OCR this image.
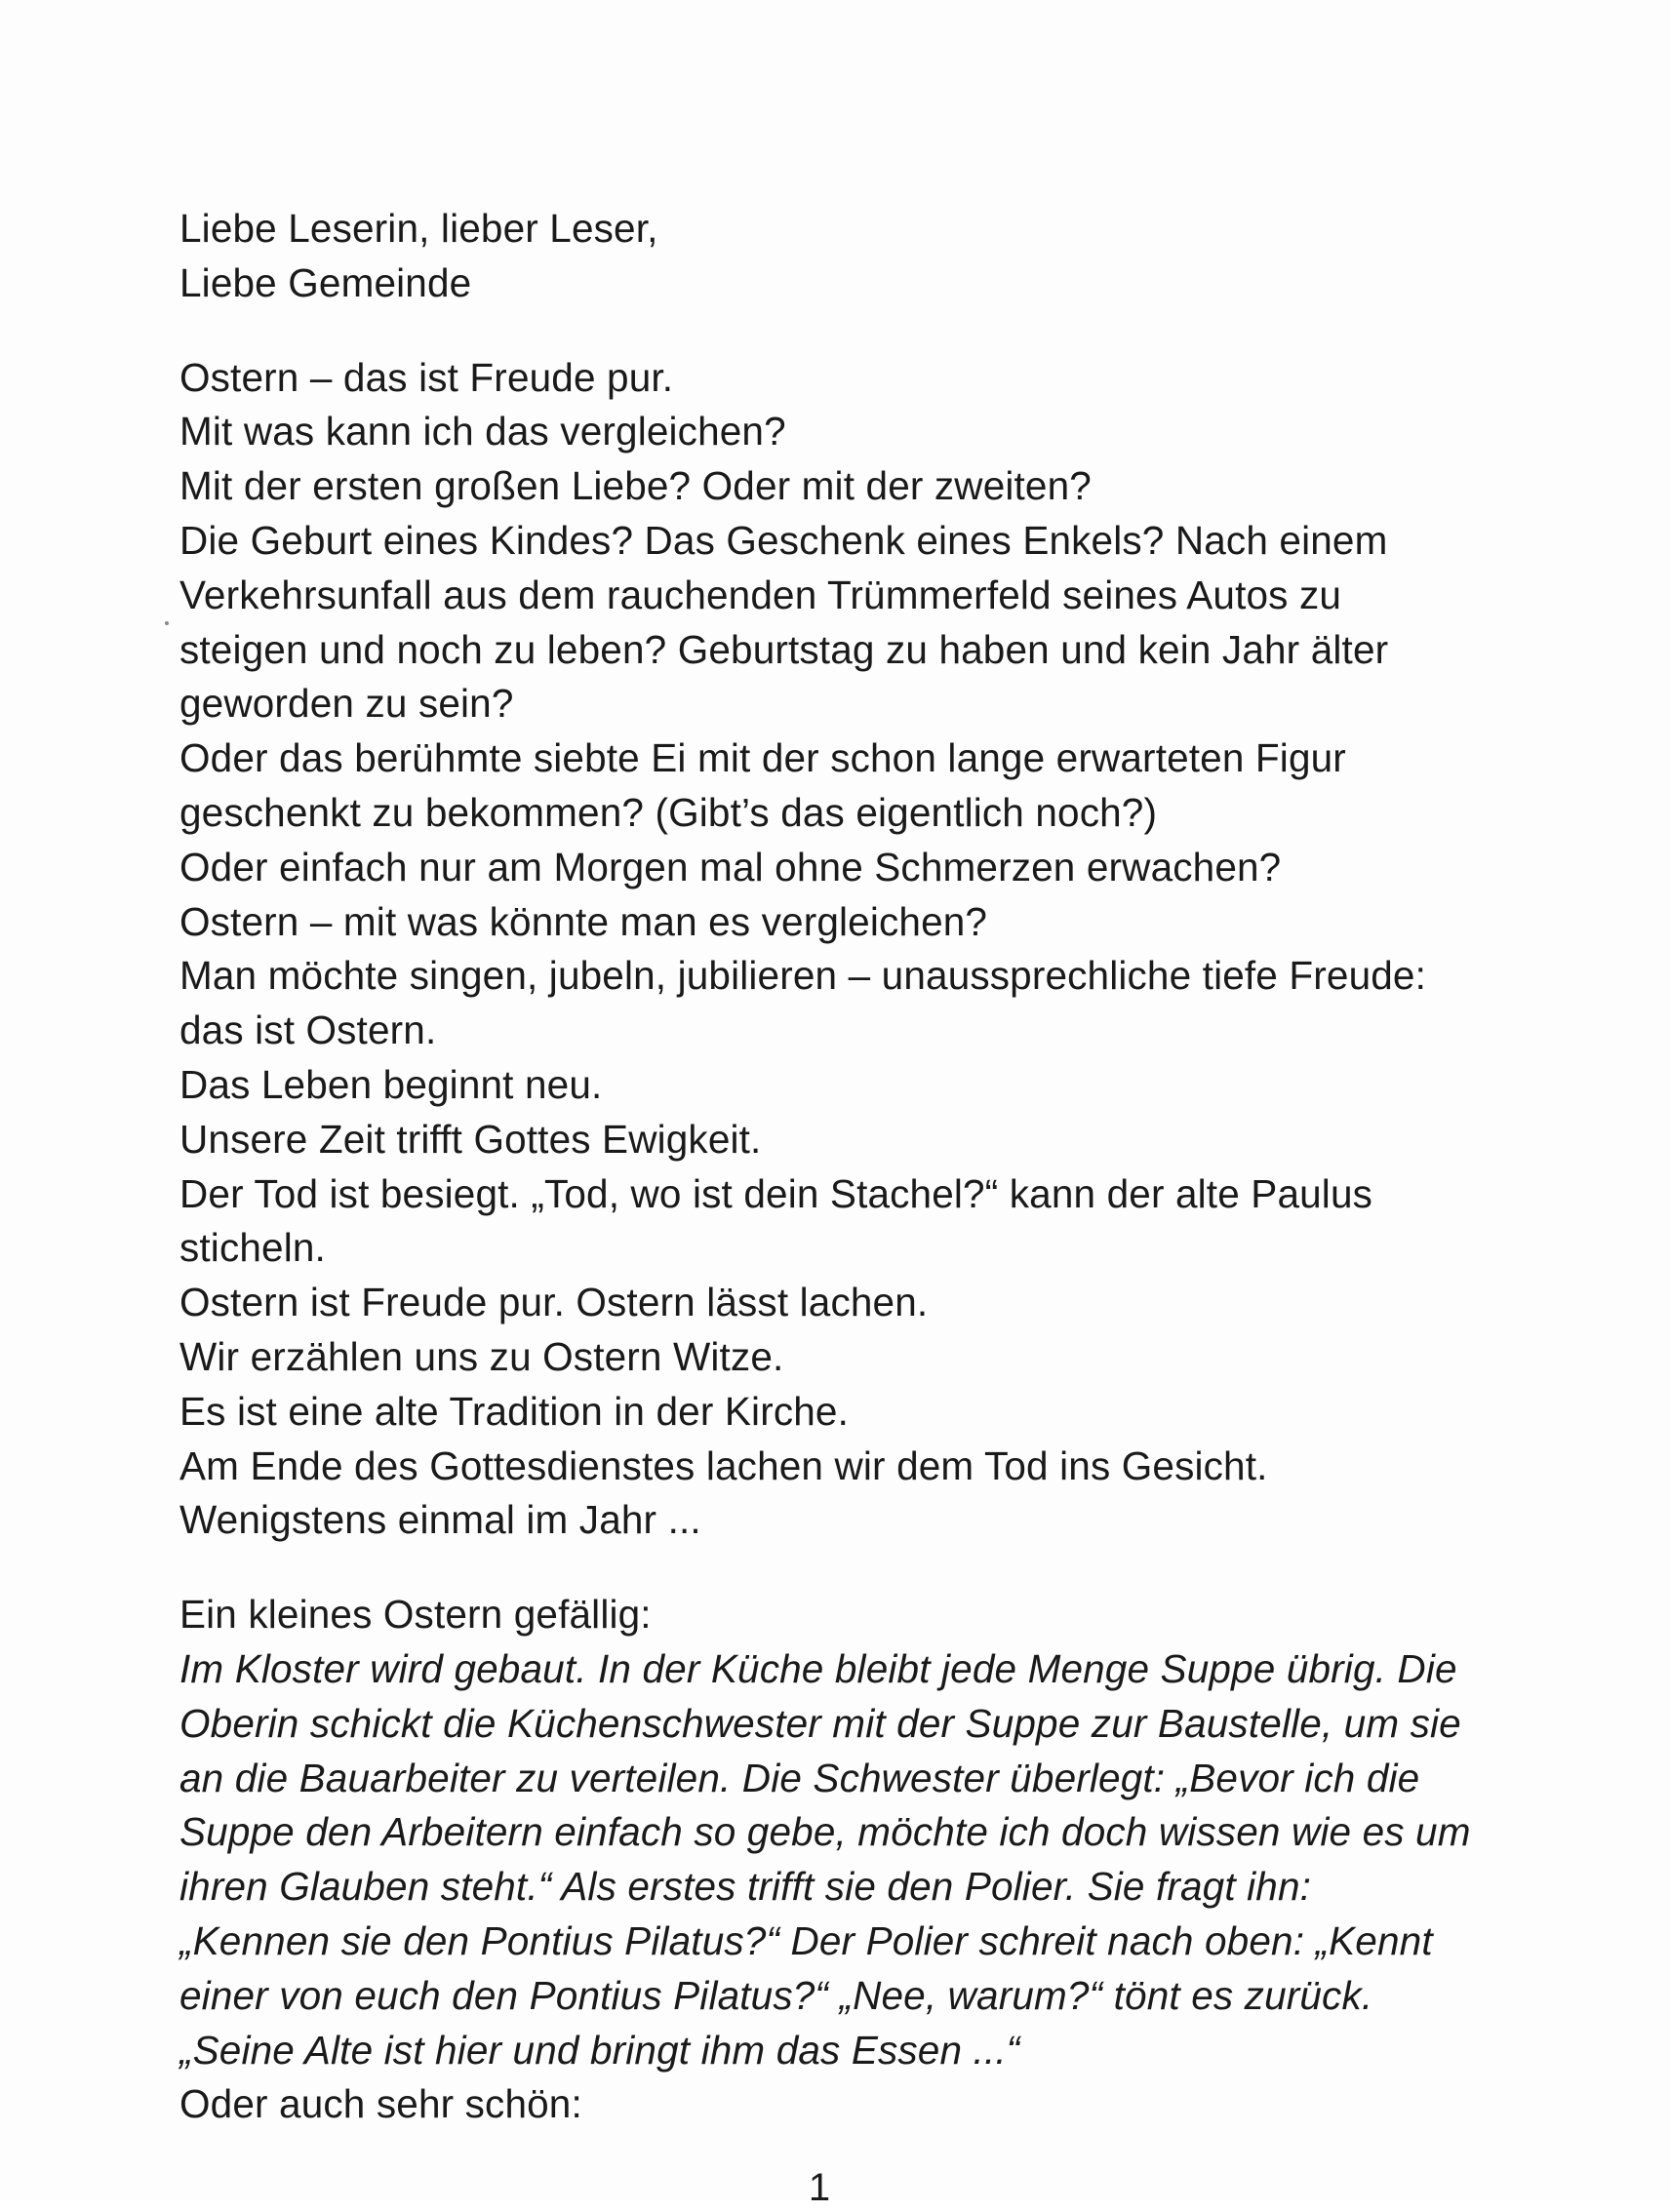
Liebe Leserin, lieber Leser,
Liebe Gemeinde
Ostern – das ist Freude pur.
Mit was kann ich das vergleichen?
Mit der ersten großen Liebe? Oder mit der zweiten?
Die Geburt eines Kindes? Das Geschenk eines Enkels? Nach einem
Verkehrsunfall aus dem rauchenden Trümmerfeld seines Autos zu
steigen und noch zu leben? Geburtstag zu haben und kein Jahr älter
geworden zu sein?
Oder das berühmte siebte Ei mit der schon lange erwarteten Figur
geschenkt zu bekommen? (Gibt’s das eigentlich noch?)
Oder einfach nur am Morgen mal ohne Schmerzen erwachen?
Ostern – mit was könnte man es vergleichen?
Man möchte singen, jubeln, jubilieren – unaussprechliche tiefe Freude:
das ist Ostern.
Das Leben beginnt neu.
Unsere Zeit trifft Gottes Ewigkeit.
Der Tod ist besiegt. „Tod, wo ist dein Stachel?“ kann der alte Paulus
sticheln.
Ostern ist Freude pur. Ostern lässt lachen.
Wir erzählen uns zu Ostern Witze.
Es ist eine alte Tradition in der Kirche.
Am Ende des Gottesdienstes lachen wir dem Tod ins Gesicht.
Wenigstens einmal im Jahr ...
Ein kleines Ostern gefällig:
Im Kloster wird gebaut. In der Küche bleibt jede Menge Suppe übrig. Die
Oberin schickt die Küchenschwester mit der Suppe zur Baustelle, um sie
an die Bauarbeiter zu verteilen. Die Schwester überlegt: „Bevor ich die
Suppe den Arbeitern einfach so gebe, möchte ich doch wissen wie es um
ihren Glauben steht.“ Als erstes trifft sie den Polier. Sie fragt ihn:
„Kennen sie den Pontius Pilatus?“ Der Polier schreit nach oben: „Kennt
einer von euch den Pontius Pilatus?“ „Nee, warum?“ tönt es zurück.
„Seine Alte ist hier und bringt ihm das Essen ...“
Oder auch sehr schön:
1
